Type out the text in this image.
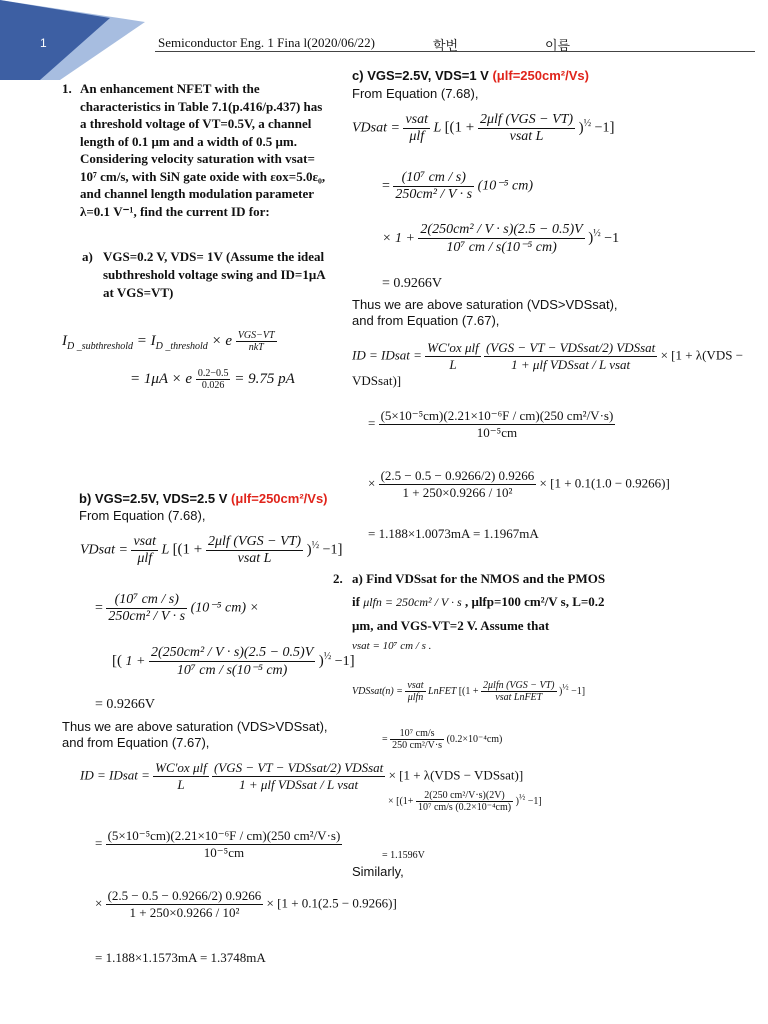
1	Semiconductor Eng. 1 Fina l(2020/06/22)	학번	이름
1. An enhancement NFET with the characteristics in Table 7.1(p.416/p.437) has a threshold voltage of VT=0.5V, a channel length of 0.1 μm and a width of 0.5 μm. Considering velocity saturation with vsat= 10⁷ cm/s, with SiN gate oxide with εox=5.0ε₀, and channel length modulation parameter λ=0.1 V⁻¹, find the current ID for:
a) VGS=0.2 V, VDS= 1V (Assume the ideal subthreshold voltage swing and ID=1μA at VGS=VT)
$I_{D \_subthreshold} = I_{D \_threshold} \times e \frac{\text{VGS−VT}}{\text{nkT}}$
= 1μA × e $\frac{0.2-0.5}{0.026} = 9.75$ pA
b) VGS=2.5V, VDS=2.5 V (μlf=250cm²/Vs)
From Equation (7.68),
VDsat = $\frac{\text{vsat}}{\text{μlf}}$ L $[(1 + \frac{\text{2μlf (VGS − VT)}}{\text{vsat L}} )^{\frac{1}{2}} -1]$
= $\frac{\text{(10⁷ cm / s)}}{\text{250cm² / V · s}} (10^{-5}$ cm) ×
[( $1 + \frac{\text{2(250cm² / V · s)(2.5 − 0.5)V}}{\text{10⁷ cm / s(10⁻⁵ cm)}} )^{\frac{1}{2}} -1$]
= 0.9266V
Thus we are above saturation (VDS>VDSsat), and from Equation (7.67),
ID = IDsat = $\frac{\text{WC'ox μlf}}{L}$
$\frac{\text{(VGS − VT − VDSsat/2) VDSsat}}{\text{1 + μlf VDSsat / L vsat}} \times [1 + \lambda(VDS$ − VDSsat)]
= $\frac{\text{(5×10⁻⁵cm)(2.21×10⁻⁶F / cm)(250 cm²/V·s)}}{\text{10⁻⁵cm}}$
× $\frac{(2.5 - 0.5 - 0.9266/2) 0.9266}{\text{1 + 250×0.9266 / 10²}} \times [1 + 0.1(2.5 - 0.9266)]$
= 1.188×1.1573mA = 1.3748mA
c) VGS=2.5V, VDS=1 V (μlf=250cm²/Vs)
From Equation (7.68),
VDsat = $\frac{\text{vsat}}{\text{μlf}}$ L $[(1 + \frac{\text{2μlf (VGS − VT)}}{\text{vsat L}} )^{\frac{1}{2}} -1]$
= $\frac{\text{(10⁷ cm / s)}}{\text{250cm² / V · s}} (10^{-5}$ cm)
× $1 + \frac{\text{2(250cm² / V · s)(2.5 − 0.5)V}}{\text{10⁷ cm / s(10⁻⁵ cm)}} )^{\frac{1}{2}} -1$
= 0.9266V
Thus we are above saturation (VDS>VDSsat), and from Equation (7.67),
ID = IDsat = $\frac{\text{WC'ox μlf}}{L}$
$\frac{\text{(VGS − VT − VDSsat/2) VDSsat}}{\text{1 + μlf VDSsat / L vsat}} \times [1 + \lambda(VDS$ − VDSsat)]
= $\frac{\text{(5×10⁻⁵cm)(2.21×10⁻⁶F / cm)(250 cm²/V·s)}}{\text{10⁻⁵cm}}$
× $\frac{(2.5 - 0.5 - 0.9266/2) 0.9266}{\text{1 + 250×0.9266 / 10²}} \times [1 + 0.1(1.0 - 0.9266)]$
= 1.188×1.0073mA = 1.1967mA
2. a) Find VDSsat for the NMOS and the PMOS
if μlfn = 250cm² / V · s , μlfp=100 cm²/V s, L=0.2
μm, and VGS-VT=2 V. Assume that
vsat = 10⁷ cm / s .
VDSsat(n) = $\frac{\text{vsat}}{\text{μlfn}}$ LnFET $[(1 + \frac{\text{2μlfn (VGS − VT)}}{\text{vsat LnFET}} )^{\frac{1}{2}} -1]$
= $\frac{\text{10⁷ cm/s}}{\text{250 cm²/V·s}} (0.2\times 10^{-4}cm)$
× $[(1+ \frac{\text{2(250 cm²/V·s)(2V)}}{\text{10⁷ cm/s (0.2×10⁻⁴cm)}} )^{\frac{1}{2}} -1]$
= 1.1596V
Similarly,
